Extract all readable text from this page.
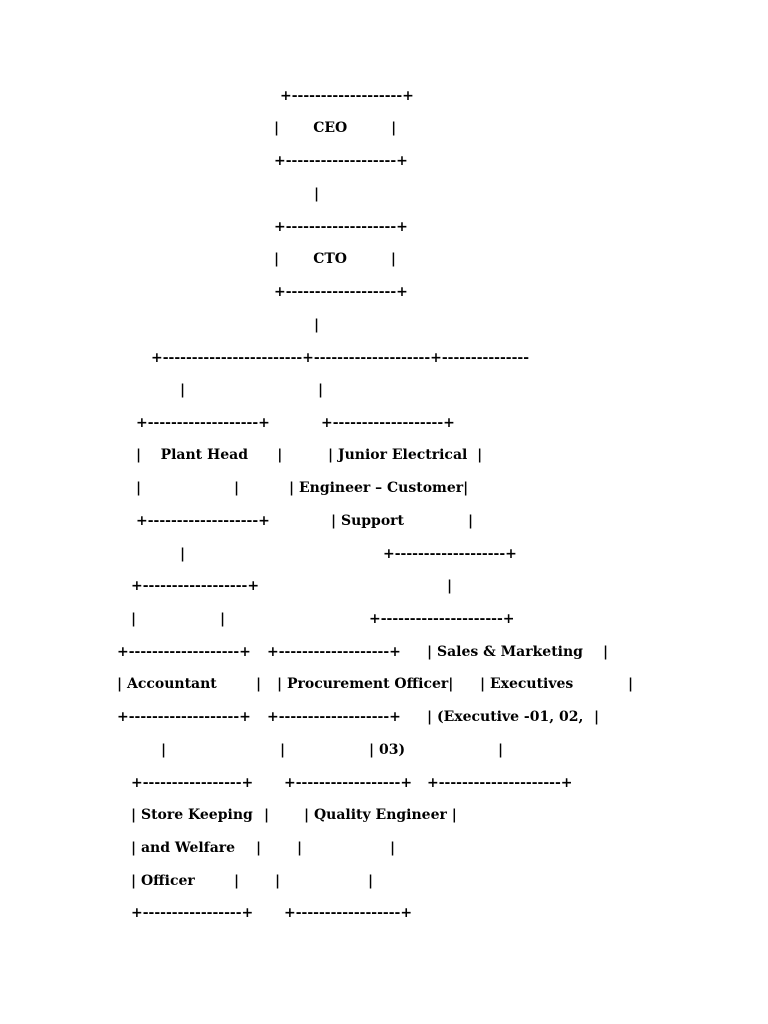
+-------------------+
|       CEO         |
+-------------------+
|
+-------------------+
|       CTO         |
+-------------------+
|
+------------------------+--------------------+---------------
|	|
+-------------------+	+-------------------+
|    Plant Head      |	| Junior Electrical  |
|	|	| Engineer – Customer|
+-------------------+	| Support	|
|	+-------------------+
+------------------+	|
|	|	+---------------------+
+-------------------+ +-------------------+ | Sales & Marketing |
| Accountant	| | Procurement Officer| | Executives	|
+-------------------+ +-------------------+ | (Executive -01, 02, |
|	|	| 03)	|
+-----------------+ +------------------+ +---------------------+
| Store Keeping | | Quality Engineer |
| and Welfare |	|	|
| Officer	|	|	|
+-----------------+ +------------------+
